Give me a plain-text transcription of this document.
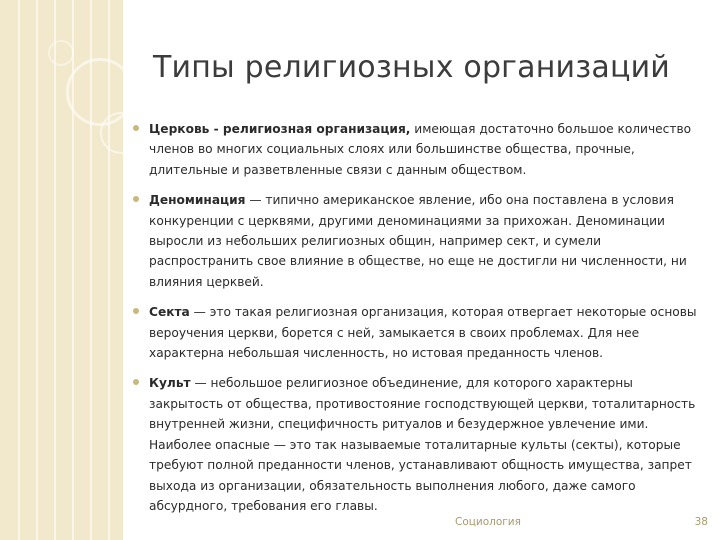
Типы религиозных организаций
Церковь - религиозная организация, имеющая достаточно большое количество членов во многих социальных слоях или большинстве общества, прочные, длительные и разветвленные связи с данным обществом.
Деноминация — типично американское явление, ибо она поставлена в условия конкуренции с церквями, другими деноминациями за прихожан. Деноминации выросли из небольших религиозных общин, например сект, и сумели распространить свое влияние в обществе, но еще не достигли ни численности, ни влияния церквей.
Секта — это такая религиозная организация, которая отвергает некоторые основы вероучения церкви, борется с ней, замыкается в своих проблемах. Для нее характерна небольшая численность, но истовая преданность членов.
Культ — небольшое религиозное объединение, для которого характерны закрытость от общества, противостояние господствующей церкви, тоталитарность внутренней жизни, специфичность ритуалов и безудержное увлечение ими. Наиболее опасные — это так называемые тоталитарные культы (секты), которые требуют полной преданности членов, устанавливают общность имущества, запрет выхода из организации, обязательность выполнения любого, даже самого абсурдного, требования его главы.
Социология	38
